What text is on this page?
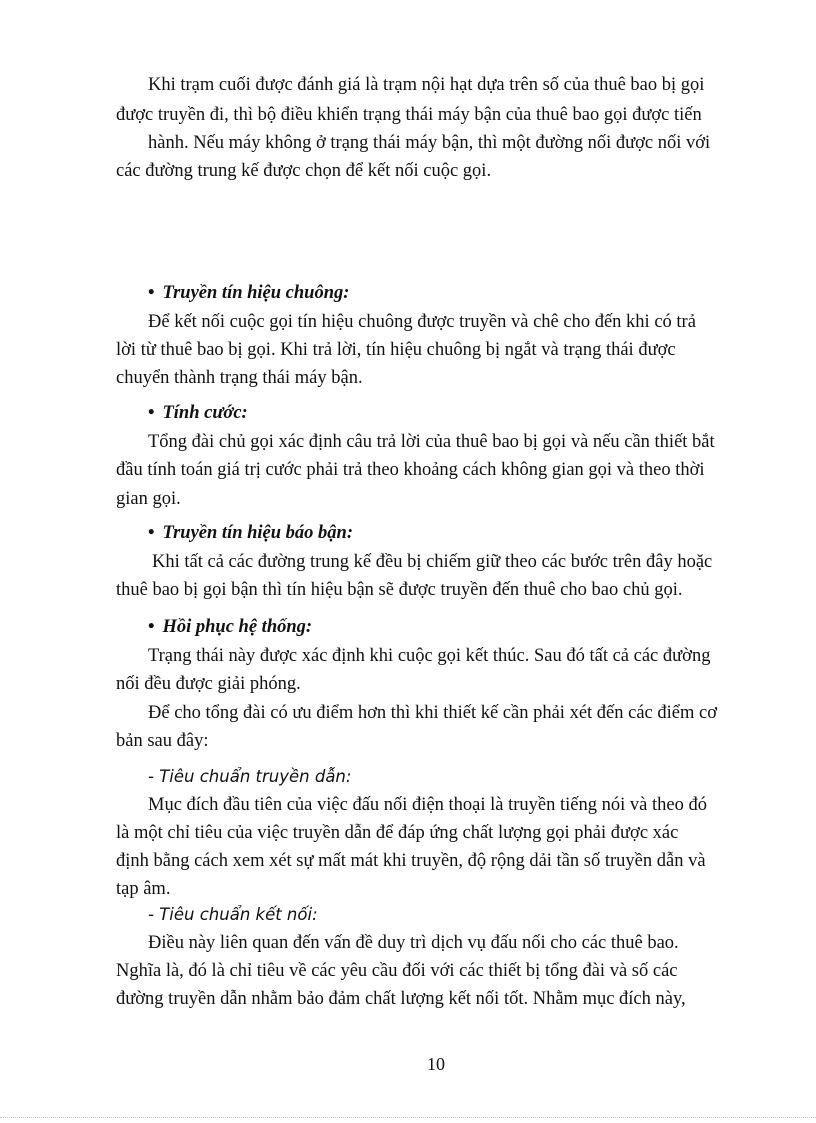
Khi trạm cuối được đánh giá là trạm nội hạt dựa trên số của thuê bao bị gọi
được truyền đi, thì bộ điều khiển trạng thái máy bận của thuê bao gọi được tiến
hành. Nếu máy không ở trạng thái máy bận, thì một đường nối được nối với
các đường trung kế được chọn để kết nối cuộc gọi.
• Truyền tín hiệu chuông:
Để kết nối cuộc gọi tín hiệu chuông được truyền và chê cho đến khi có trả
lời từ thuê bao bị gọi. Khi trả lời, tín hiệu chuông bị ngắt và trạng thái được
chuyển thành trạng thái máy bận.
• Tính cước:
Tổng đài chủ gọi xác định câu trả lời của thuê bao bị gọi và nếu cần thiết bắt
đầu tính toán giá trị cước phải trả theo khoảng cách không gian gọi và theo thời
gian gọi.
• Truyền tín hiệu báo bận:
Khi tất cả các đường trung kế đều bị chiếm giữ theo các bước trên đây hoặc
thuê bao bị gọi bận thì tín hiệu bận sẽ được truyền đến thuê cho bao chủ gọi.
• Hồi phục hệ thống:
Trạng thái này được xác định khi cuộc gọi kết thúc. Sau đó tất cả các đường
nối đều được giải phóng.
Để cho tổng đài có ưu điểm hơn thì khi thiết kế cần phải xét đến các điểm cơ
bản sau đây:
- Tiêu chuẩn truyền dẫn:
Mục đích đầu tiên của việc đấu nối điện thoại là truyền tiếng nói và theo đó
là một chỉ tiêu của việc truyền dẫn để đáp ứng chất lượng gọi phải được xác
định bằng cách xem xét sự mất mát khi truyền, độ rộng dải tần số truyền dẫn và
tạp âm.
- Tiêu chuẩn kết nối:
Điều này liên quan đến vấn đề duy trì dịch vụ đấu nối cho các thuê bao.
Nghĩa là, đó là chỉ tiêu về các yêu cầu đối với các thiết bị tổng đài và số các
đường truyền dẫn nhằm bảo đảm chất lượng kết nối tốt. Nhằm mục đích này,
10
